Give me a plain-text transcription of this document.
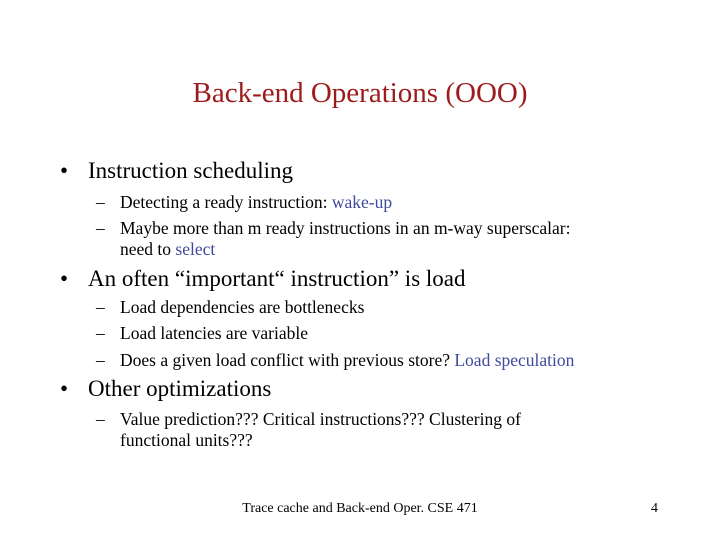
Back-end Operations (OOO)
• Instruction scheduling
– Detecting a ready instruction: wake-up
– Maybe more than m ready instructions in an m-way superscalar:
need to select
• An often “important“ instruction” is load
– Load dependencies are bottlenecks
– Load latencies are variable
– Does a given load conflict with previous store? Load speculation
• Other optimizations
– Value prediction??? Critical instructions??? Clustering of
functional units???
Trace cache and Back-end Oper. CSE 471	4
